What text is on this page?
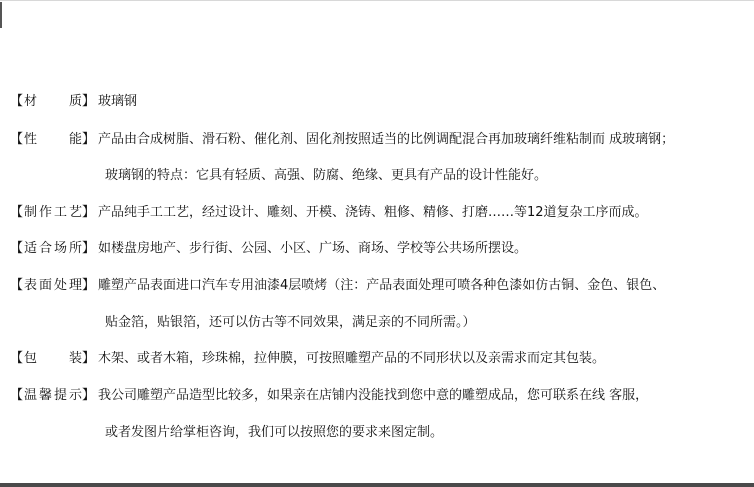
【 材质 】 玻璃钢
【 性能 】 产品由合成树脂、滑石粉、催化剂、固化剂按照适当的比例调配混合再加玻璃纤维粘制而 成玻璃钢；
玻璃钢的特点：它具有轻质、高强、防腐、绝缘、更具有产品的设计性能好。
【 制作工艺 】 产品纯手工工艺，经过设计、雕刻、开模、浇铸、粗修、精修、打磨……等12道复杂工序而成。
【 适合场所 】 如楼盘房地产、步行街、公园、小区、广场、商场、学校等公共场所摆设。
【 表面处理 】 雕塑产品表面进口汽车专用油漆4层喷烤（注：产品表面处理可喷各种色漆如仿古铜、金色、银色、
贴金箔，贴银箔，还可以仿古等不同效果，满足亲的不同所需。）
【 包装 】 木架、或者木箱，珍珠棉，拉伸膜，可按照雕塑产品的不同形状以及亲需求而定其包装。
【 温馨提示 】 我公司雕塑产品造型比较多，如果亲在店铺内没能找到您中意的雕塑成品，您可联系在线 客服，
或者发图片给掌柜咨询，我们可以按照您的要求来图定制。
